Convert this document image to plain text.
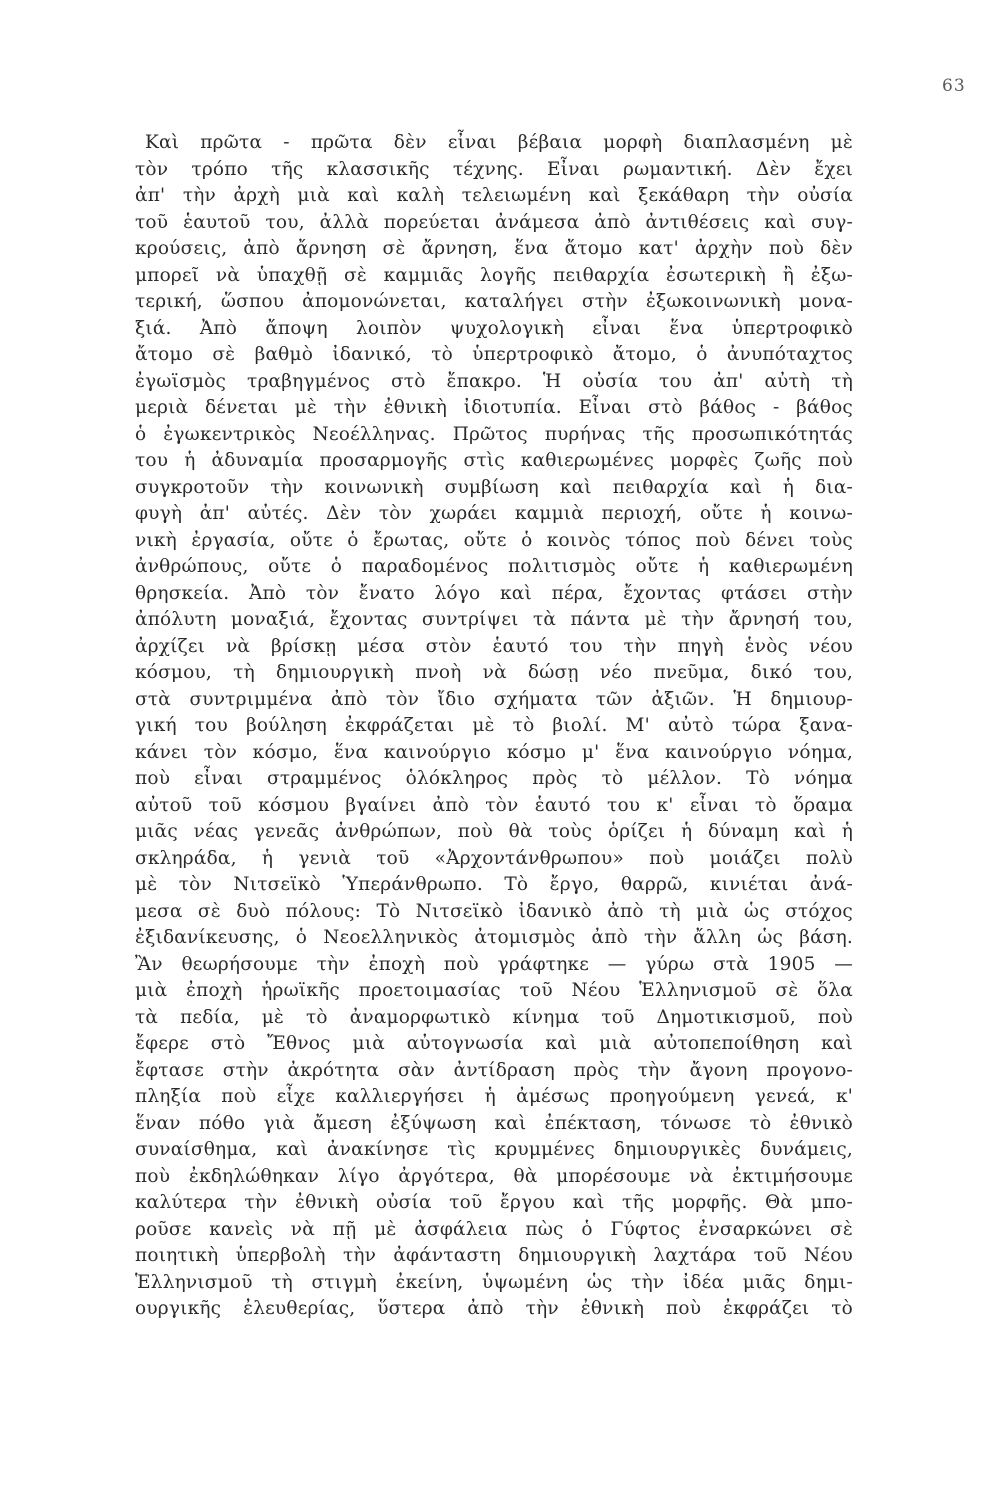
63
Καὶ πρῶτα - πρῶτα δὲν εἶναι βέβαια μορφὴ διαπλασμένη μὲ
τὸν τρόπο τῆς κλασσικῆς τέχνης. Εἶναι ρωμαντική. Δὲν ἔχει
ἀπ' τὴν ἀρχὴ μιὰ καὶ καλὴ τελειωμένη καὶ ξεκάθαρη τὴν οὐσία
τοῦ ἑαυτοῦ του, ἀλλὰ πορεύεται ἀνάμεσα ἀπὸ ἀντιθέσεις καὶ συγ-
κρούσεις, ἀπὸ ἄρνηση σὲ ἄρνηση, ἕνα ἄτομο κατ' ἀρχὴν ποὺ δὲν
μπορεῖ νὰ ὑπαχθῇ σὲ καμμιᾶς λογῆς πειθαρχία ἐσωτερικὴ ἢ ἐξω-
τερική, ὥσπου ἀπομονώνεται, καταλήγει στὴν ἐξωκοινωνικὴ μονα-
ξιά. Ἀπὸ ἄποψη λοιπὸν ψυχολογικὴ εἶναι ἕνα ὑπερτροφικὸ
ἄτομο σὲ βαθμὸ ἰδανικό, τὸ ὑπερτροφικὸ ἄτομο, ὁ ἀνυπόταχτος
ἐγωϊσμὸς τραβηγμένος στὸ ἔπακρο. Ἡ οὐσία του ἀπ' αὐτὴ τὴ
μεριὰ δένεται μὲ τὴν ἐθνικὴ ἰδιοτυπία. Εἶναι στὸ βάθος - βάθος
ὁ ἐγωκεντρικὸς Νεοέλληνας. Πρῶτος πυρήνας τῆς προσωπικότητάς
του ἡ ἀδυναμία προσαρμογῆς στὶς καθιερωμένες μορφὲς ζωῆς ποὺ
συγκροτοῦν τὴν κοινωνικὴ συμβίωση καὶ πειθαρχία καὶ ἡ δια-
φυγὴ ἀπ' αὐτές. Δὲν τὸν χωράει καμμιὰ περιοχή, οὔτε ἡ κοινω-
νικὴ ἐργασία, οὔτε ὁ ἔρωτας, οὔτε ὁ κοινὸς τόπος ποὺ δένει τοὺς
ἀνθρώπους, οὔτε ὁ παραδομένος πολιτισμὸς οὔτε ἡ καθιερωμένη
θρησκεία. Ἀπὸ τὸν ἔνατο λόγο καὶ πέρα, ἔχοντας φτάσει στὴν
ἀπόλυτη μοναξιά, ἔχοντας συντρίψει τὰ πάντα μὲ τὴν ἄρνησή του,
ἀρχίζει νὰ βρίσκῃ μέσα στὸν ἑαυτό του τὴν πηγὴ ἑνὸς νέου
κόσμου, τὴ δημιουργικὴ πνοὴ νὰ δώσῃ νέο πνεῦμα, δικό του,
στὰ συντριμμένα ἀπὸ τὸν ἴδιο σχήματα τῶν ἀξιῶν. Ἡ δημιουρ-
γική του βούληση ἐκφράζεται μὲ τὸ βιολί. Μ' αὐτὸ τώρα ξανα-
κάνει τὸν κόσμο, ἕνα καινούργιο κόσμο μ' ἕνα καινούργιο νόημα,
ποὺ εἶναι στραμμένος ὁλόκληρος πρὸς τὸ μέλλον. Τὸ νόημα
αὐτοῦ τοῦ κόσμου βγαίνει ἀπὸ τὸν ἑαυτό του κ' εἶναι τὸ ὅραμα
μιᾶς νέας γενεᾶς ἀνθρώπων, ποὺ θὰ τοὺς ὁρίζει ἡ δύναμη καὶ ἡ
σκληράδα, ἡ γενιὰ τοῦ «Ἀρχοντάνθρωπου» ποὺ μοιάζει πολὺ
μὲ τὸν Νιτσεϊκὸ Ὑπεράνθρωπο. Τὸ ἔργο, θαρρῶ, κινιέται ἀνά-
μεσα σὲ δυὸ πόλους: Τὸ Νιτσεϊκὸ ἰδανικὸ ἀπὸ τὴ μιὰ ὡς στόχος
ἐξιδανίκευσης, ὁ Νεοελληνικὸς ἀτομισμὸς ἀπὸ τὴν ἄλλη ὡς βάση.
Ἂν θεωρήσουμε τὴν ἐποχὴ ποὺ γράφτηκε — γύρω στὰ 1905 —
μιὰ ἐποχὴ ἡρωϊκῆς προετοιμασίας τοῦ Νέου Ἑλληνισμοῦ σὲ ὅλα
τὰ πεδία, μὲ τὸ ἀναμορφωτικὸ κίνημα τοῦ Δημοτικισμοῦ, ποὺ
ἔφερε στὸ Ἔθνος μιὰ αὐτογνωσία καὶ μιὰ αὐτοπεποίθηση καὶ
ἔφτασε στὴν ἀκρότητα σὰν ἀντίδραση πρὸς τὴν ἄγονη προγονο-
πληξία ποὺ εἶχε καλλιεργήσει ἡ ἀμέσως προηγούμενη γενεά, κ'
ἕναν πόθο γιὰ ἄμεση ἐξύψωση καὶ ἐπέκταση, τόνωσε τὸ ἐθνικὸ
συναίσθημα, καὶ ἀνακίνησε τὶς κρυμμένες δημιουργικὲς δυνάμεις,
ποὺ ἐκδηλώθηκαν λίγο ἀργότερα, θὰ μπορέσουμε νὰ ἐκτιμήσουμε
καλύτερα τὴν ἐθνικὴ οὐσία τοῦ ἔργου καὶ τῆς μορφῆς. Θὰ μπο-
ροῦσε κανεὶς νὰ πῇ μὲ ἀσφάλεια πὼς ὁ Γύφτος ἐνσαρκώνει σὲ
ποιητικὴ ὑπερβολὴ τὴν ἀφάνταστη δημιουργικὴ λαχτάρα τοῦ Νέου
Ἑλληνισμοῦ τὴ στιγμὴ ἐκείνη, ὑψωμένη ὡς τὴν ἰδέα μιᾶς δημι-
ουργικῆς ἐλευθερίας, ὕστερα ἀπὸ τὴν ἐθνικὴ ποὺ ἐκφράζει τὸ
